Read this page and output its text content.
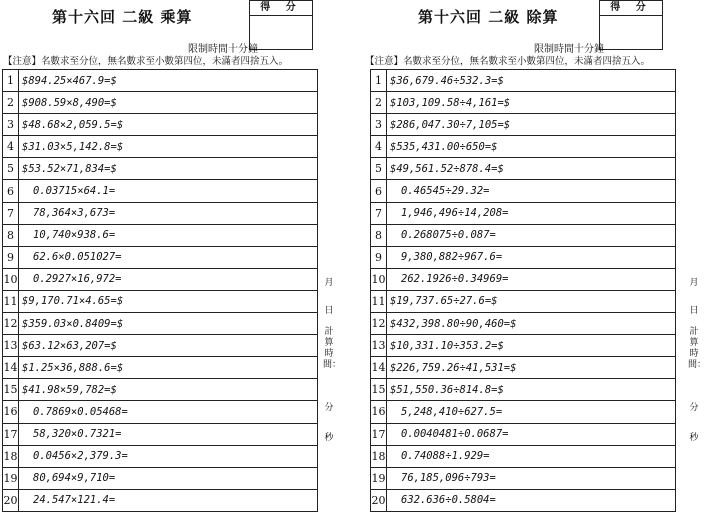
第十六回 二級 乘算
得 分
限制時間十分鐘
【注意】名數求至分位，無名數求至小數第四位，未滿者四捨五入。
1 $894.25×467.9=$
2 $908.59×8,490=$
3 $48.68×2,059.5=$
4 $31.03×5,142.8=$
5 $53.52×71,834=$
6	0.03715×64.1=
7	78,364×3,673=
8	10,740×938.6=
9	62.6×0.051027=
10	0.2927×16,972=
11 $9,170.71×4.65=$
12 $359.03×0.8409=$
13 $63.12×63,207=$
14 $1.25×36,888.6=$
15 $41.98×59,782=$
16	0.7869×0.05468=
17	58,320×0.7321=
18	0.0456×2,379.3=
19	80,694×9,710=
20	24.547×121.4=
月
日
計算時間：
分
秒
第十六回 二級 除算
得 分
限制時間十分鐘
【注意】名數求至分位，無名數求至小數第四位，未滿者四捨五入。
1 $36,679.46÷532.3=$
2 $103,109.58÷4,161=$
3 $286,047.30÷7,105=$
4 $535,431.00÷650=$
5 $49,561.52÷878.4=$
6	0.46545÷29.32=
7	1,946,496÷14,208=
8	0.268075÷0.087=
9	9,380,882÷967.6=
10	262.1926÷0.34969=
11 $19,737.65÷27.6=$
12 $432,398.80÷90,460=$
13 $10,331.10÷353.2=$
14 $226,759.26÷41,531=$
15 $51,550.36÷814.8=$
16	5,248,410÷627.5=
17	0.0040481÷0.0687=
18	0.74088÷1.929=
19	76,185,096÷793=
20	632.636÷0.5804=
月
日
計算時間：
分
秒
